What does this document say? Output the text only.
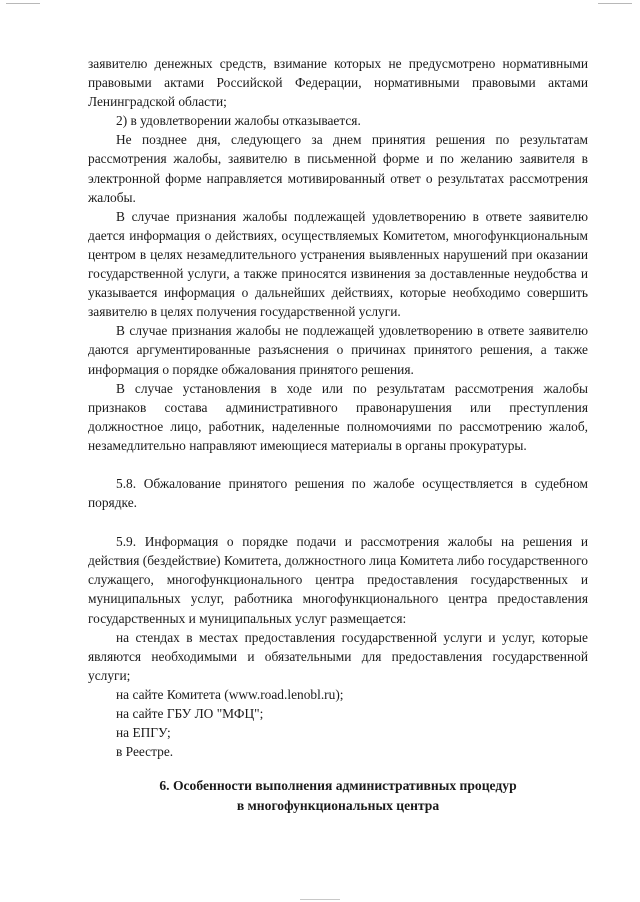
заявителю денежных средств, взимание которых не предусмотрено нормативными правовыми актами Российской Федерации, нормативными правовыми актами Ленинградской области;

2) в удовлетворении жалобы отказывается.

Не позднее дня, следующего за днем принятия решения по результатам рассмотрения жалобы, заявителю в письменной форме и по желанию заявителя в электронной форме направляется мотивированный ответ о результатах рассмотрения жалобы.

В случае признания жалобы подлежащей удовлетворению в ответе заявителю дается информация о действиях, осуществляемых Комитетом, многофункциональным центром в целях незамедлительного устранения выявленных нарушений при оказании государственной услуги, а также приносятся извинения за доставленные неудобства и указывается информация о дальнейших действиях, которые необходимо совершить заявителю в целях получения государственной услуги.

В случае признания жалобы не подлежащей удовлетворению в ответе заявителю даются аргументированные разъяснения о причинах принятого решения, а также информация о порядке обжалования принятого решения.

В случае установления в ходе или по результатам рассмотрения жалобы признаков состава административного правонарушения или преступления должностное лицо, работник, наделенные полномочиями по рассмотрению жалоб, незамедлительно направляют имеющиеся материалы в органы прокуратуры.

5.8. Обжалование принятого решения по жалобе осуществляется в судебном порядке.

5.9. Информация о порядке подачи и рассмотрения жалобы на решения и действия (бездействие) Комитета, должностного лица Комитета либо государственного служащего, многофункционального центра предоставления государственных и муниципальных услуг, работника многофункционального центра предоставления государственных и муниципальных услуг размещается:

на стендах в местах предоставления государственной услуги и услуг, которые являются необходимыми и обязательными для предоставления государственной услуги;

на сайте Комитета (www.road.lenobl.ru);

на сайте ГБУ ЛО "МФЦ";

на ЕПГУ;

в Реестре.

6. Особенности выполнения административных процедур
в многофункциональных центра
